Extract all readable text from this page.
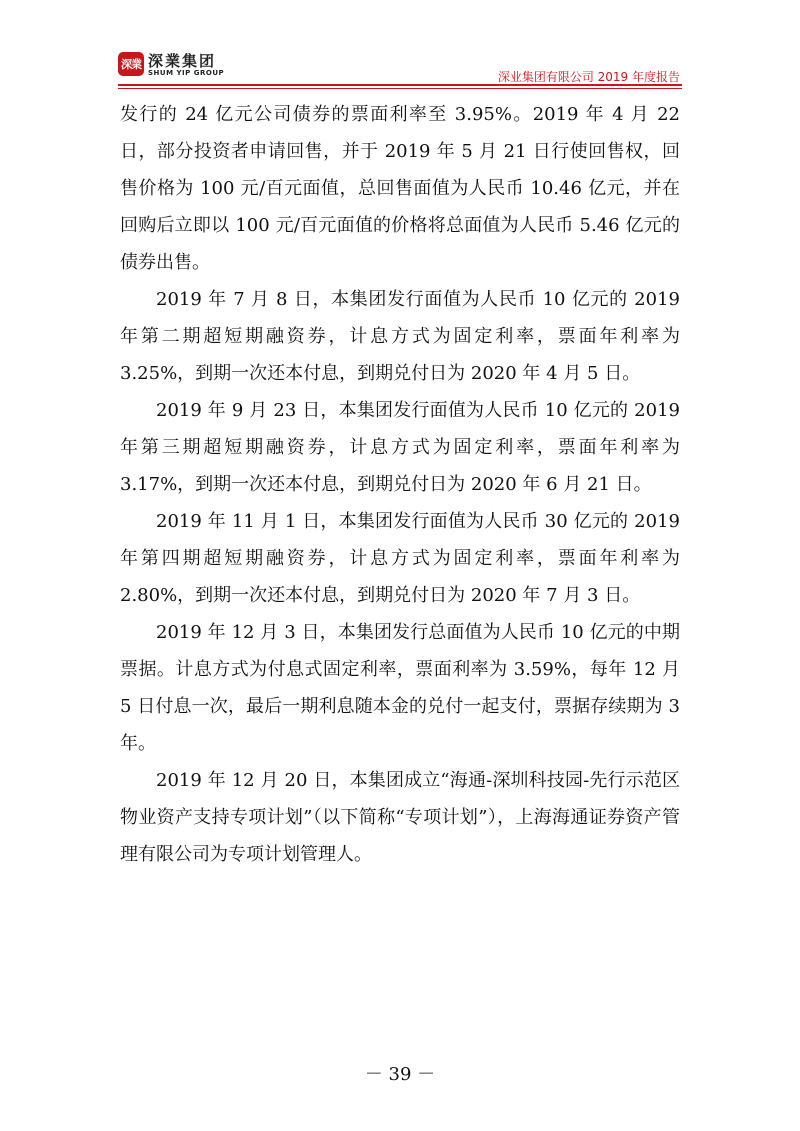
深業 深業集团
SHUM YIP GROUP	深业集团有限公司 2019 年度报告

发行的 24 亿元公司债券的票面利率至 3.95%。2019 年 4 月 22 日，部分投资者申请回售，并于 2019 年 5 月 21 日行使回售权，回售价格为 100 元/百元面值，总回售面值为人民币 10.46 亿元，并在回购后立即以 100 元/百元面值的价格将总面值为人民币 5.46 亿元的债券出售。

2019 年 7 月 8 日，本集团发行面值为人民币 10 亿元的 2019 年第二期超短期融资券，计息方式为固定利率，票面年利率为 3.25%，到期一次还本付息，到期兑付日为 2020 年 4 月 5 日。

2019 年 9 月 23 日，本集团发行面值为人民币 10 亿元的 2019 年第三期超短期融资券，计息方式为固定利率，票面年利率为 3.17%，到期一次还本付息，到期兑付日为 2020 年 6 月 21 日。

2019 年 11 月 1 日，本集团发行面值为人民币 30 亿元的 2019 年第四期超短期融资券，计息方式为固定利率，票面年利率为 2.80%，到期一次还本付息，到期兑付日为 2020 年 7 月 3 日。

2019 年 12 月 3 日，本集团发行总面值为人民币 10 亿元的中期票据。计息方式为付息式固定利率，票面利率为 3.59%，每年 12 月 5 日付息一次，最后一期利息随本金的兑付一起支付，票据存续期为 3 年。

2019 年 12 月 20 日，本集团成立“海通-深圳科技园-先行示范区物业资产支持专项计划”（以下简称“专项计划”），上海海通证券资产管理有限公司为专项计划管理人。

－ 39 －
